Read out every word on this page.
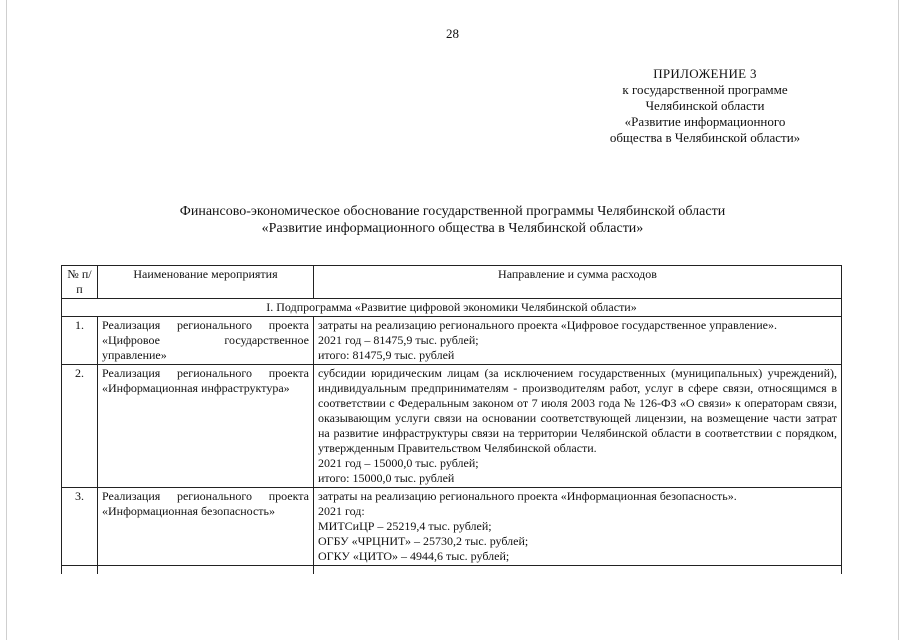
28
ПРИЛОЖЕНИЕ 3
к государственной программе
Челябинской области
«Развитие информационного
общества в Челябинской области»
Финансово-экономическое обоснование государственной программы Челябинской области
«Развитие информационного общества в Челябинской области»
№ п/п	Наименование мероприятия	Направление и сумма расходов
I. Подпрограмма «Развитие цифровой экономики Челябинской области»		
1.	Реализация регионального проекта «Цифровое государственное управление»	затраты на реализацию регионального проекта «Цифровое государственное управление».
2021 год – 81475,9 тыс. рублей;
итого: 81475,9 тыс. рублей

2.	Реализация регионального проекта «Информационная инфраструктура»	субсидии юридическим лицам (за исключением государственных (муниципальных) учреждений), индивидуальным предпринимателям - производителям работ, услуг в сфере связи, относящимся в соответствии с Федеральным законом от 7 июля 2003 года № 126-ФЗ «О связи» к операторам связи, оказывающим услуги связи на основании соответствующей лицензии, на возмещение части затрат на развитие инфраструктуры связи на территории Челябинской области в соответствии с порядком, утвержденным Правительством Челябинской области.
2021 год – 15000,0 тыс. рублей;
итого: 15000,0 тыс. рублей

3.	Реализация регионального проекта «Информационная безопасность»	затраты на реализацию регионального проекта «Информационная безопасность».
2021 год:
МИТСиЦР – 25219,4 тыс. рублей;
ОГБУ «ЧРЦНИТ» – 25730,2 тыс. рублей;
ОГКУ «ЦИТО» – 4944,6 тыс. рублей;
